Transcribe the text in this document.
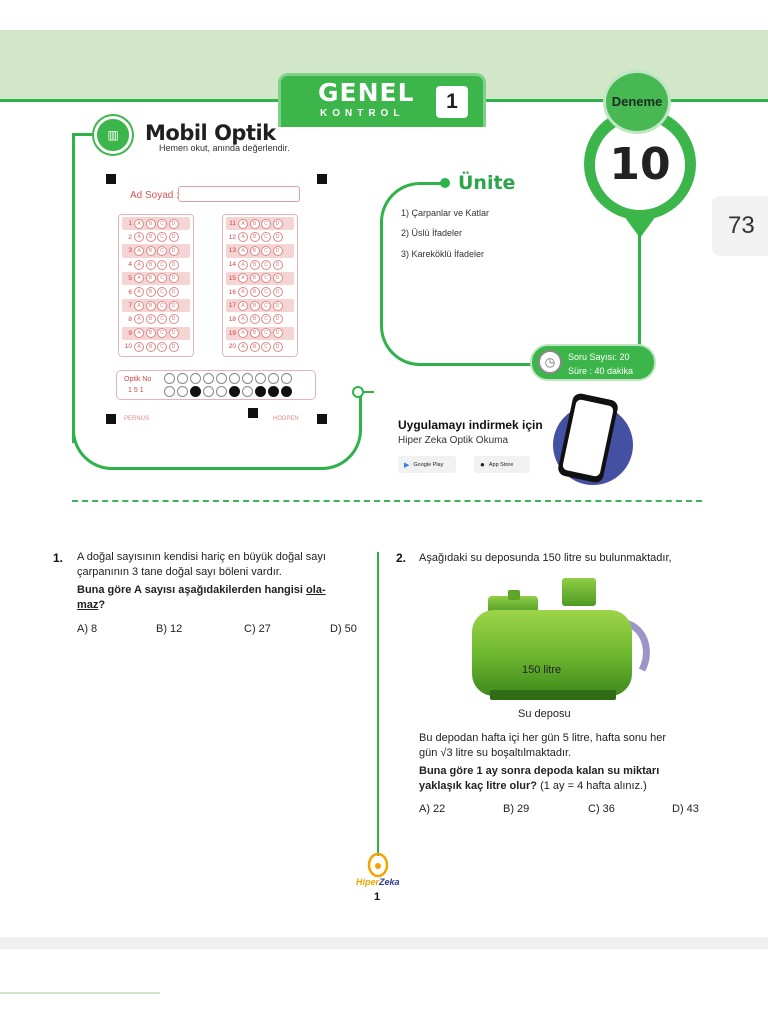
GENEL
KONTROL
1
10
Deneme
73
▥	Mobil Optik
Hemen okut, anında değerlendir.
Ad Soyad :
1	A	B	C	D
2	A	B	C	D
3	A	B	C	D
4	A	B	C	D
5	A	B	C	D
6	A	B	C	D
7	A	B	C	D
8	A	B	C	D
9	A	B	C	D
10	A	B	C	D
11	A	B	C	D
12	A	B	C	D
13	A	B	C	D
14	A	B	C	D
15	A	B	C	D
16	A	B	C	D
17	A	B	C	D
18	A	B	C	D
19	A	B	C	D
20	A	B	C	D
Optik No
151
PERNUS	HODPEN
Ünite
1) Çarpanlar ve Katlar
2) Üslü İfadeler
3) Kareköklü İfadeler
◷	Soru Sayısı: 20
Süre : 40 dakika
Uygulamayı indirmek için
Hiper Zeka Optik Okuma
▶ Google Play	● App Store
1. A doğal sayısının kendisi hariç en büyük doğal sayı
çarpanının 3 tane doğal sayı böleni vardır.
Buna göre A sayısı aşağıdakilerden hangisi ola-
maz?
A) 8	B) 12	C) 27	D) 50
2. Aşağıdaki su deposunda 150 litre su bulunmaktadır,
150 litre
Su deposu
Bu depodan hafta içi her gün 5 litre, hafta sonu her
gün √3 litre su boşaltılmaktadır.
Buna göre 1 ay sonra depoda kalan su miktarı
yaklaşık kaç litre olur? (1 ay = 4 hafta alınız.)
A) 22	B) 29	C) 36	D) 43
HiperZeka
1
